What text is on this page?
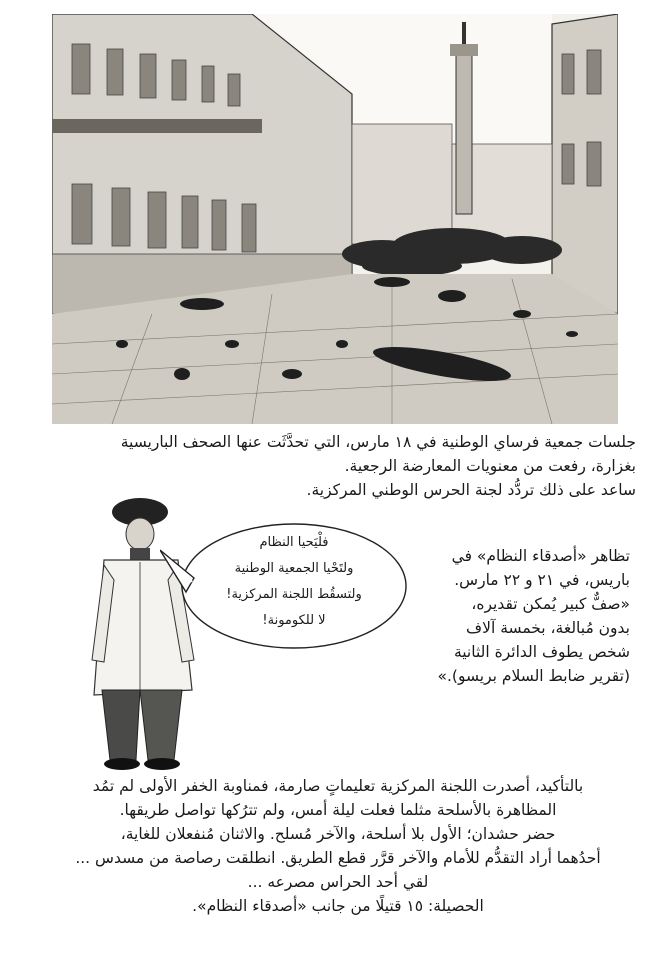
جلسات جمعية فرساي الوطنية في ١٨ مارس، التي تحدَّثَت عنها الصحف الباريسية

بغزارة، رفعت من معنويات المعارضة الرجعية.

ساعد على ذلك تردُّد لجنة الحرس الوطني المركزية.

فلْيَحيا النظام
ولتَحْيا الجمعية الوطنية
ولتسقُط اللجنة المركزية!
لا للكومونة!

تظاهر «أصدقاء النظام» في

باريس، في ٢١ و ٢٢ مارس.

«صفٌّ كبير يُمكن تقديره،

بدون مُبالغة، بخمسة آلاف

شخص يطوف الدائرة الثانية

(تقرير ضابط السلام بريسو).»

بالتأكيد، أصدرت اللجنة المركزية تعليماتٍ صارمة، فمناوبة الخفر الأولى لم تمُد

المظاهرة بالأسلحة مثلما فعلت ليلة أمس، ولم تترُكها تواصل طريقها.

حضر حشدان؛ الأول بلا أسلحة، والآخر مُسلح. والاثنان مُنفعلان للغاية،

أحدُهما أراد التقدُّم للأمام والآخر قرَّر قطع الطريق. انطلقت رصاصة من مسدس ...

لقي أحد الحراس مصرعه ...

الحصيلة: ١٥ قتيلًا من جانب «أصدقاء النظام».
